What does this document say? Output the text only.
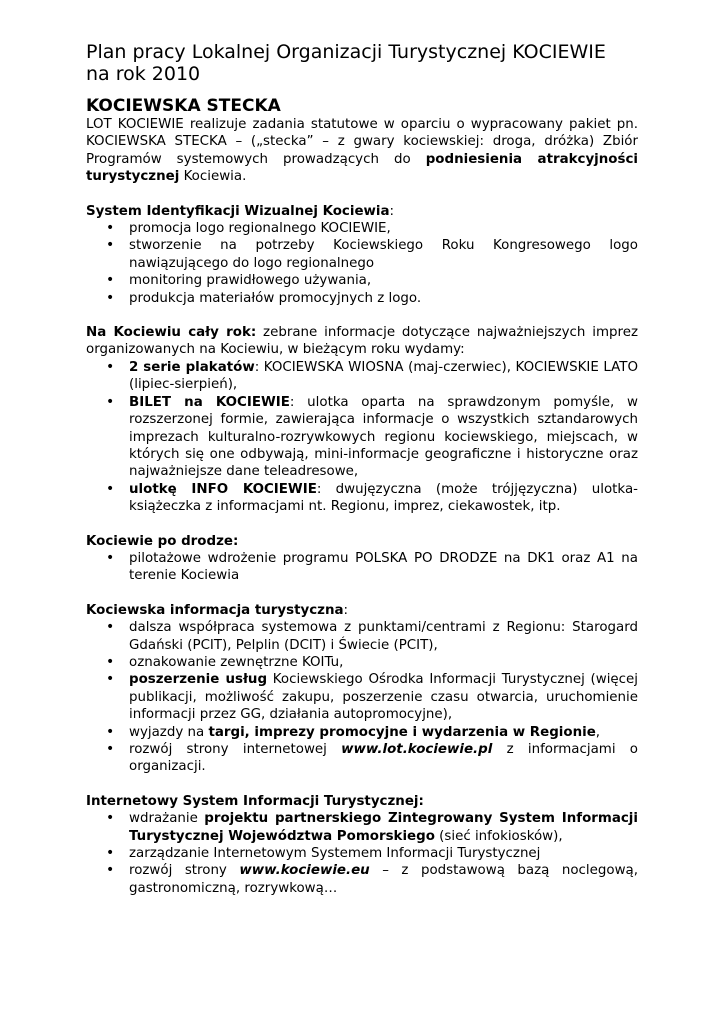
Plan pracy Lokalnej Organizacji Turystycznej KOCIEWIE
na rok 2010
KOCIEWSKA STECKA

LOT KOCIEWIE realizuje zadania statutowe w oparciu o wypracowany pakiet pn. KOCIEWSKA STECKA – („stecka” – z gwary kociewskiej: droga, dróżka) Zbiór Programów systemowych prowadzących do podniesienia atrakcyjności turystycznej Kociewia.

System Identyfikacji Wizualnej Kociewia:

• promocja logo regionalnego KOCIEWIE,
• stworzenie na potrzeby Kociewskiego Roku Kongresowego logo nawiązującego do logo regionalnego
• monitoring prawidłowego używania,
• produkcja materiałów promocyjnych z logo.

Na Kociewiu cały rok: zebrane informacje dotyczące najważniejszych imprez organizowanych na Kociewiu, w bieżącym roku wydamy:

• 2 serie plakatów: KOCIEWSKA WIOSNA (maj-czerwiec), KOCIEWSKIE LATO (lipiec-sierpień),
• BILET na KOCIEWIE: ulotka oparta na sprawdzonym pomyśle, w rozszerzonej formie, zawierająca informacje o wszystkich sztandarowych imprezach kulturalno-rozrywkowych regionu kociewskiego, miejscach, w których się one odbywają, mini-informacje geograficzne i historyczne oraz najważniejsze dane teleadresowe,
• ulotkę INFO KOCIEWIE: dwujęzyczna (może trójjęzyczna) ulotka-książeczka z informacjami nt. Regionu, imprez, ciekawostek, itp.

Kociewie po drodze:

• pilotażowe wdrożenie programu POLSKA PO DRODZE na DK1 oraz A1 na terenie Kociewia

Kociewska informacja turystyczna:

• dalsza współpraca systemowa z punktami/centrami z Regionu: Starogard Gdański (PCIT), Pelplin (DCIT) i Świecie (PCIT),
• oznakowanie zewnętrzne KOITu,
• poszerzenie usług Kociewskiego Ośrodka Informacji Turystycznej (więcej publikacji, możliwość zakupu, poszerzenie czasu otwarcia, uruchomienie informacji przez GG, działania autopromocyjne),
• wyjazdy na targi, imprezy promocyjne i wydarzenia w Regionie,
• rozwój strony internetowej www.lot.kociewie.pl z informacjami o organizacji.

Internetowy System Informacji Turystycznej:

• wdrażanie projektu partnerskiego Zintegrowany System Informacji Turystycznej Województwa Pomorskiego (sieć infokiosków),
• zarządzanie Internetowym Systemem Informacji Turystycznej
• rozwój strony www.kociewie.eu – z podstawową bazą noclegową, gastronomiczną, rozrywkową…
